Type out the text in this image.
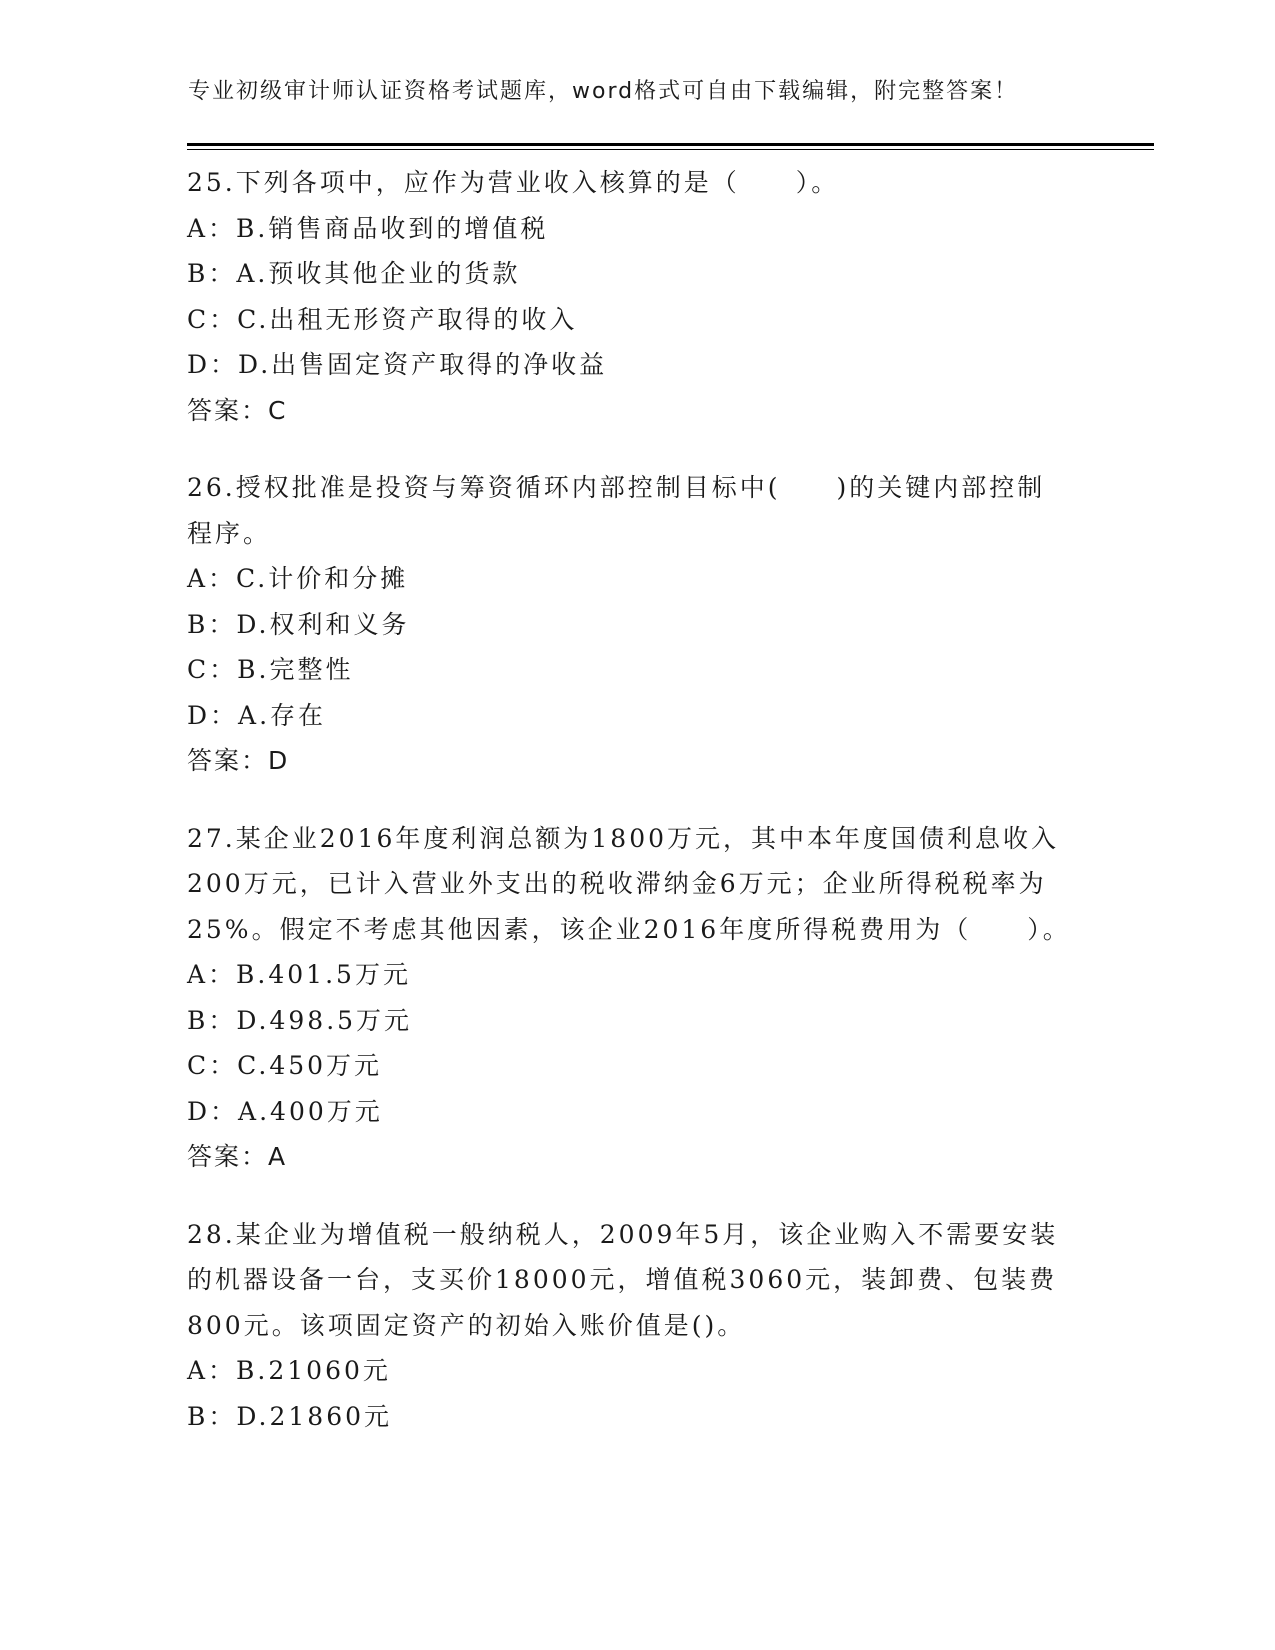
专业初级审计师认证资格考试题库，word格式可自由下载编辑，附完整答案！
25.下列各项中，应作为营业收入核算的是（　　）。
A：B.销售商品收到的增值税
B：A.预收其他企业的货款
C：C.出租无形资产取得的收入
D：D.出售固定资产取得的净收益
答案：C
26.授权批准是投资与筹资循环内部控制目标中(　　)的关键内部控制
程序。
A：C.计价和分摊
B：D.权利和义务
C：B.完整性
D：A.存在
答案：D
27.某企业2016年度利润总额为1800万元，其中本年度国债利息收入
200万元，已计入营业外支出的税收滞纳金6万元；企业所得税税率为
25%。假定不考虑其他因素，该企业2016年度所得税费用为（　　）。
A：B.401.5万元
B：D.498.5万元
C：C.450万元
D：A.400万元
答案：A
28.某企业为增值税一般纳税人，2009年5月，该企业购入不需要安装
的机器设备一台，支买价18000元，增值税3060元，装卸费、包装费
800元。该项固定资产的初始入账价值是()。
A：B.21060元
B：D.21860元
